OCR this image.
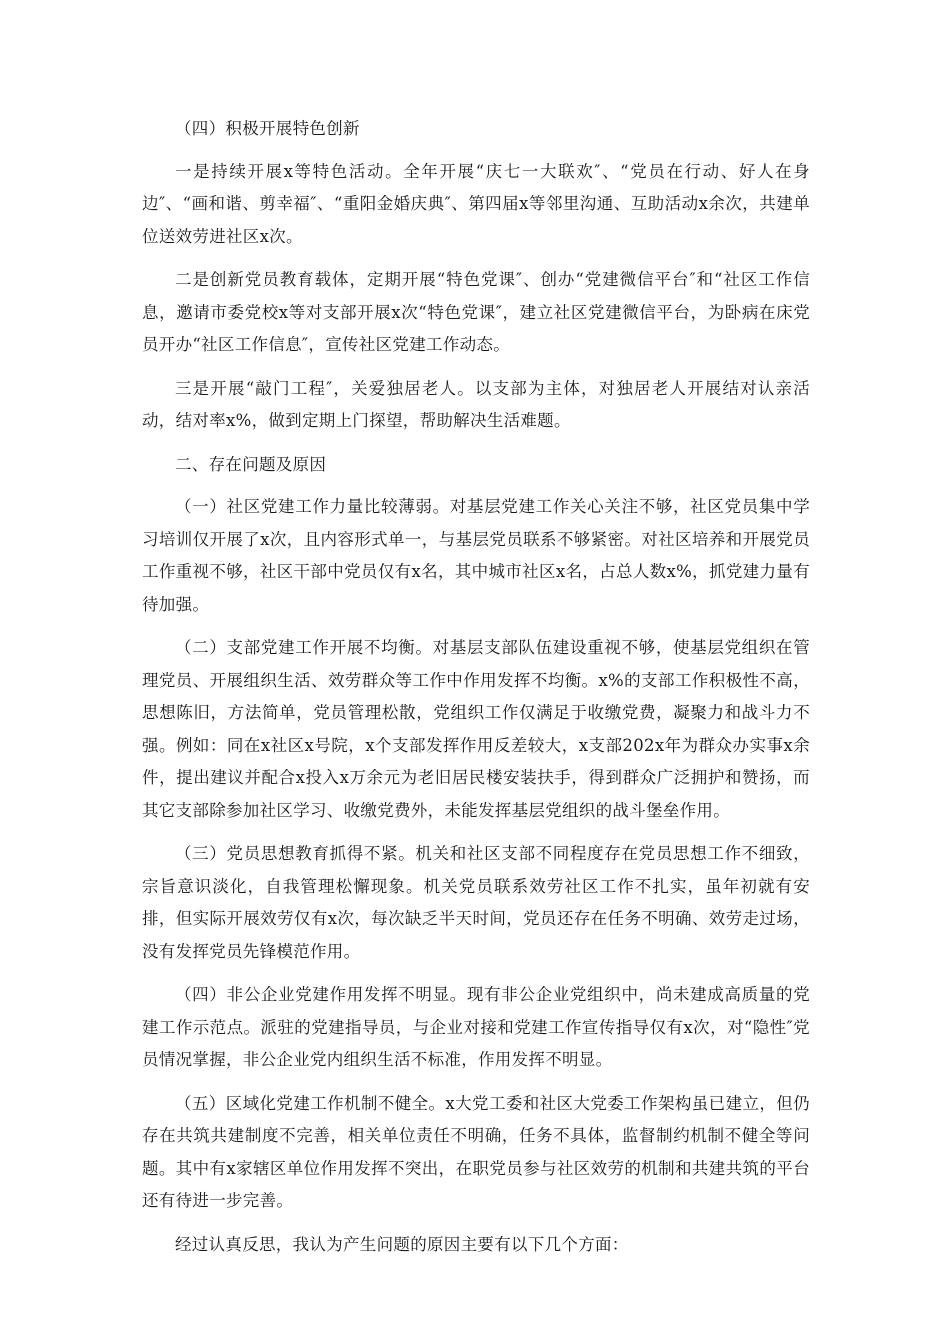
（四）积极开展特色创新

一是持续开展x等特色活动。全年开展“庆七一大联欢″、“党员在行动、好人在身边″、“画和谐、剪幸福″、“重阳金婚庆典″、第四届x等邻里沟通、互助活动x余次，共建单位送效劳进社区x次。

二是创新党员教育载体，定期开展“特色党课″、创办“党建微信平台″和“社区工作信息，邀请市委党校x等对支部开展x次“特色党课″，建立社区党建微信平台，为卧病在床党员开办“社区工作信息″，宣传社区党建工作动态。

三是开展“敲门工程″，关爱独居老人。以支部为主体，对独居老人开展结对认亲活动，结对率x%，做到定期上门探望，帮助解决生活难题。

二、存在问题及原因

（一）社区党建工作力量比较薄弱。对基层党建工作关心关注不够，社区党员集中学习培训仅开展了x次，且内容形式单一，与基层党员联系不够紧密。对社区培养和开展党员工作重视不够，社区干部中党员仅有x名，其中城市社区x名，占总人数x%，抓党建力量有待加强。

（二）支部党建工作开展不均衡。对基层支部队伍建设重视不够，使基层党组织在管理党员、开展组织生活、效劳群众等工作中作用发挥不均衡。x%的支部工作积极性不高，思想陈旧，方法简单，党员管理松散，党组织工作仅满足于收缴党费，凝聚力和战斗力不强。例如：同在x社区x号院，x个支部发挥作用反差较大，x支部202x年为群众办实事x余件，提出建议并配合x投入x万余元为老旧居民楼安装扶手，得到群众广泛拥护和赞扬，而其它支部除参加社区学习、收缴党费外，未能发挥基层党组织的战斗堡垒作用。

（三）党员思想教育抓得不紧。机关和社区支部不同程度存在党员思想工作不细致，宗旨意识淡化，自我管理松懈现象。机关党员联系效劳社区工作不扎实，虽年初就有安排，但实际开展效劳仅有x次，每次缺乏半天时间，党员还存在任务不明确、效劳走过场，没有发挥党员先锋模范作用。

（四）非公企业党建作用发挥不明显。现有非公企业党组织中，尚未建成高质量的党建工作示范点。派驻的党建指导员，与企业对接和党建工作宣传指导仅有x次，对“隐性″党员情况掌握，非公企业党内组织生活不标准，作用发挥不明显。

（五）区域化党建工作机制不健全。x大党工委和社区大党委工作架构虽已建立，但仍存在共筑共建制度不完善，相关单位责任不明确，任务不具体，监督制约机制不健全等问题。其中有x家辖区单位作用发挥不突出，在职党员参与社区效劳的机制和共建共筑的平台还有待进一步完善。

经过认真反思，我认为产生问题的原因主要有以下几个方面：
